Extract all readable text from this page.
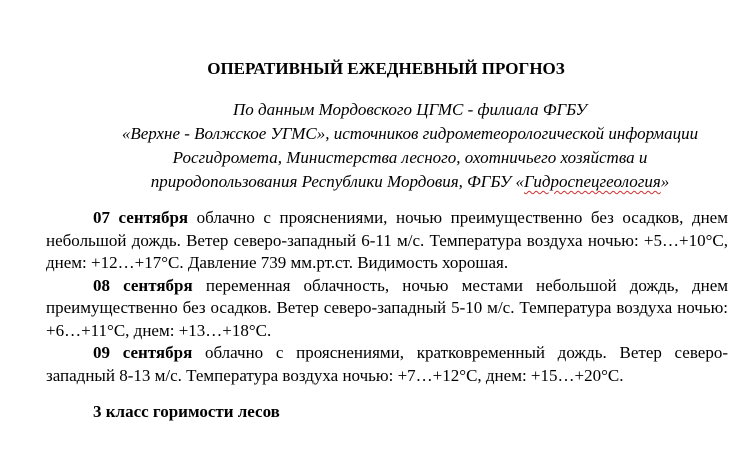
ОПЕРАТИВНЫЙ ЕЖЕДНЕВНЫЙ ПРОГНОЗ
По данным Мордовского ЦГМС - филиала ФГБУ
«Верхне - Волжское УГМС», источников гидрометеорологической информации
Росгидромета, Министерства лесного, охотничьего хозяйства и
природопользования Республики Мордовия, ФГБУ «Гидроспецгеология»

07 сентября облачно с прояснениями, ночью преимущественно без осадков, днем небольшой дождь. Ветер северо-западный 6-11 м/с. Температура воздуха ночью: +5…+10°С, днем: +12…+17°С. Давление 739 мм.рт.ст. Видимость хорошая.

08 сентября переменная облачность, ночью местами небольшой дождь, днем преимущественно без осадков. Ветер северо-западный 5-10 м/с. Температура воздуха ночью: +6…+11°С, днем: +13…+18°С.

09 сентября облачно с прояснениями, кратковременный дождь. Ветер северо-западный 8-13 м/с. Температура воздуха ночью: +7…+12°С, днем: +15…+20°С.

3 класс горимости лесов
